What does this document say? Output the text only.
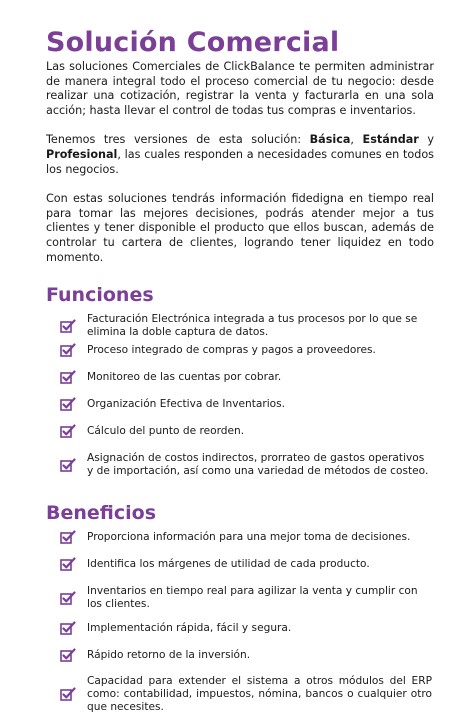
Solución Comercial

Las soluciones Comerciales de ClickBalance te permiten administrar de manera integral todo el proceso comercial de tu negocio: desde realizar una cotización, registrar la venta y facturarla en una sola acción; hasta llevar el control de todas tus compras e inventarios.

Tenemos tres versiones de esta solución: Básica, Estándar y Profesional, las cuales responden a necesidades comunes en todos los negocios.

Con estas soluciones tendrás información fidedigna en tiempo real para tomar las mejores decisiones, podrás atender mejor a tus clientes y tener disponible el producto que ellos buscan, además de controlar tu cartera de clientes, logrando tener liquidez en todo momento.

Funciones
Facturación Electrónica integrada a tus procesos por lo que se elimina la doble captura de datos.
Proceso integrado de compras y pagos a proveedores.
Monitoreo de las cuentas por cobrar.
Organización Efectiva de Inventarios.
Cálculo del punto de reorden.
Asignación de costos indirectos, prorrateo de gastos operativos y de importación, así como una variedad de métodos de costeo.
Beneficios
Proporciona información para una mejor toma de decisiones.
Identifica los márgenes de utilidad de cada producto.
Inventarios en tiempo real para agilizar la venta y cumplir con los clientes.
Implementación rápida, fácil y segura.
Rápido retorno de la inversión.
Capacidad para extender el sistema a otros módulos del ERP como: contabilidad, impuestos, nómina, bancos o cualquier otro que necesites.
